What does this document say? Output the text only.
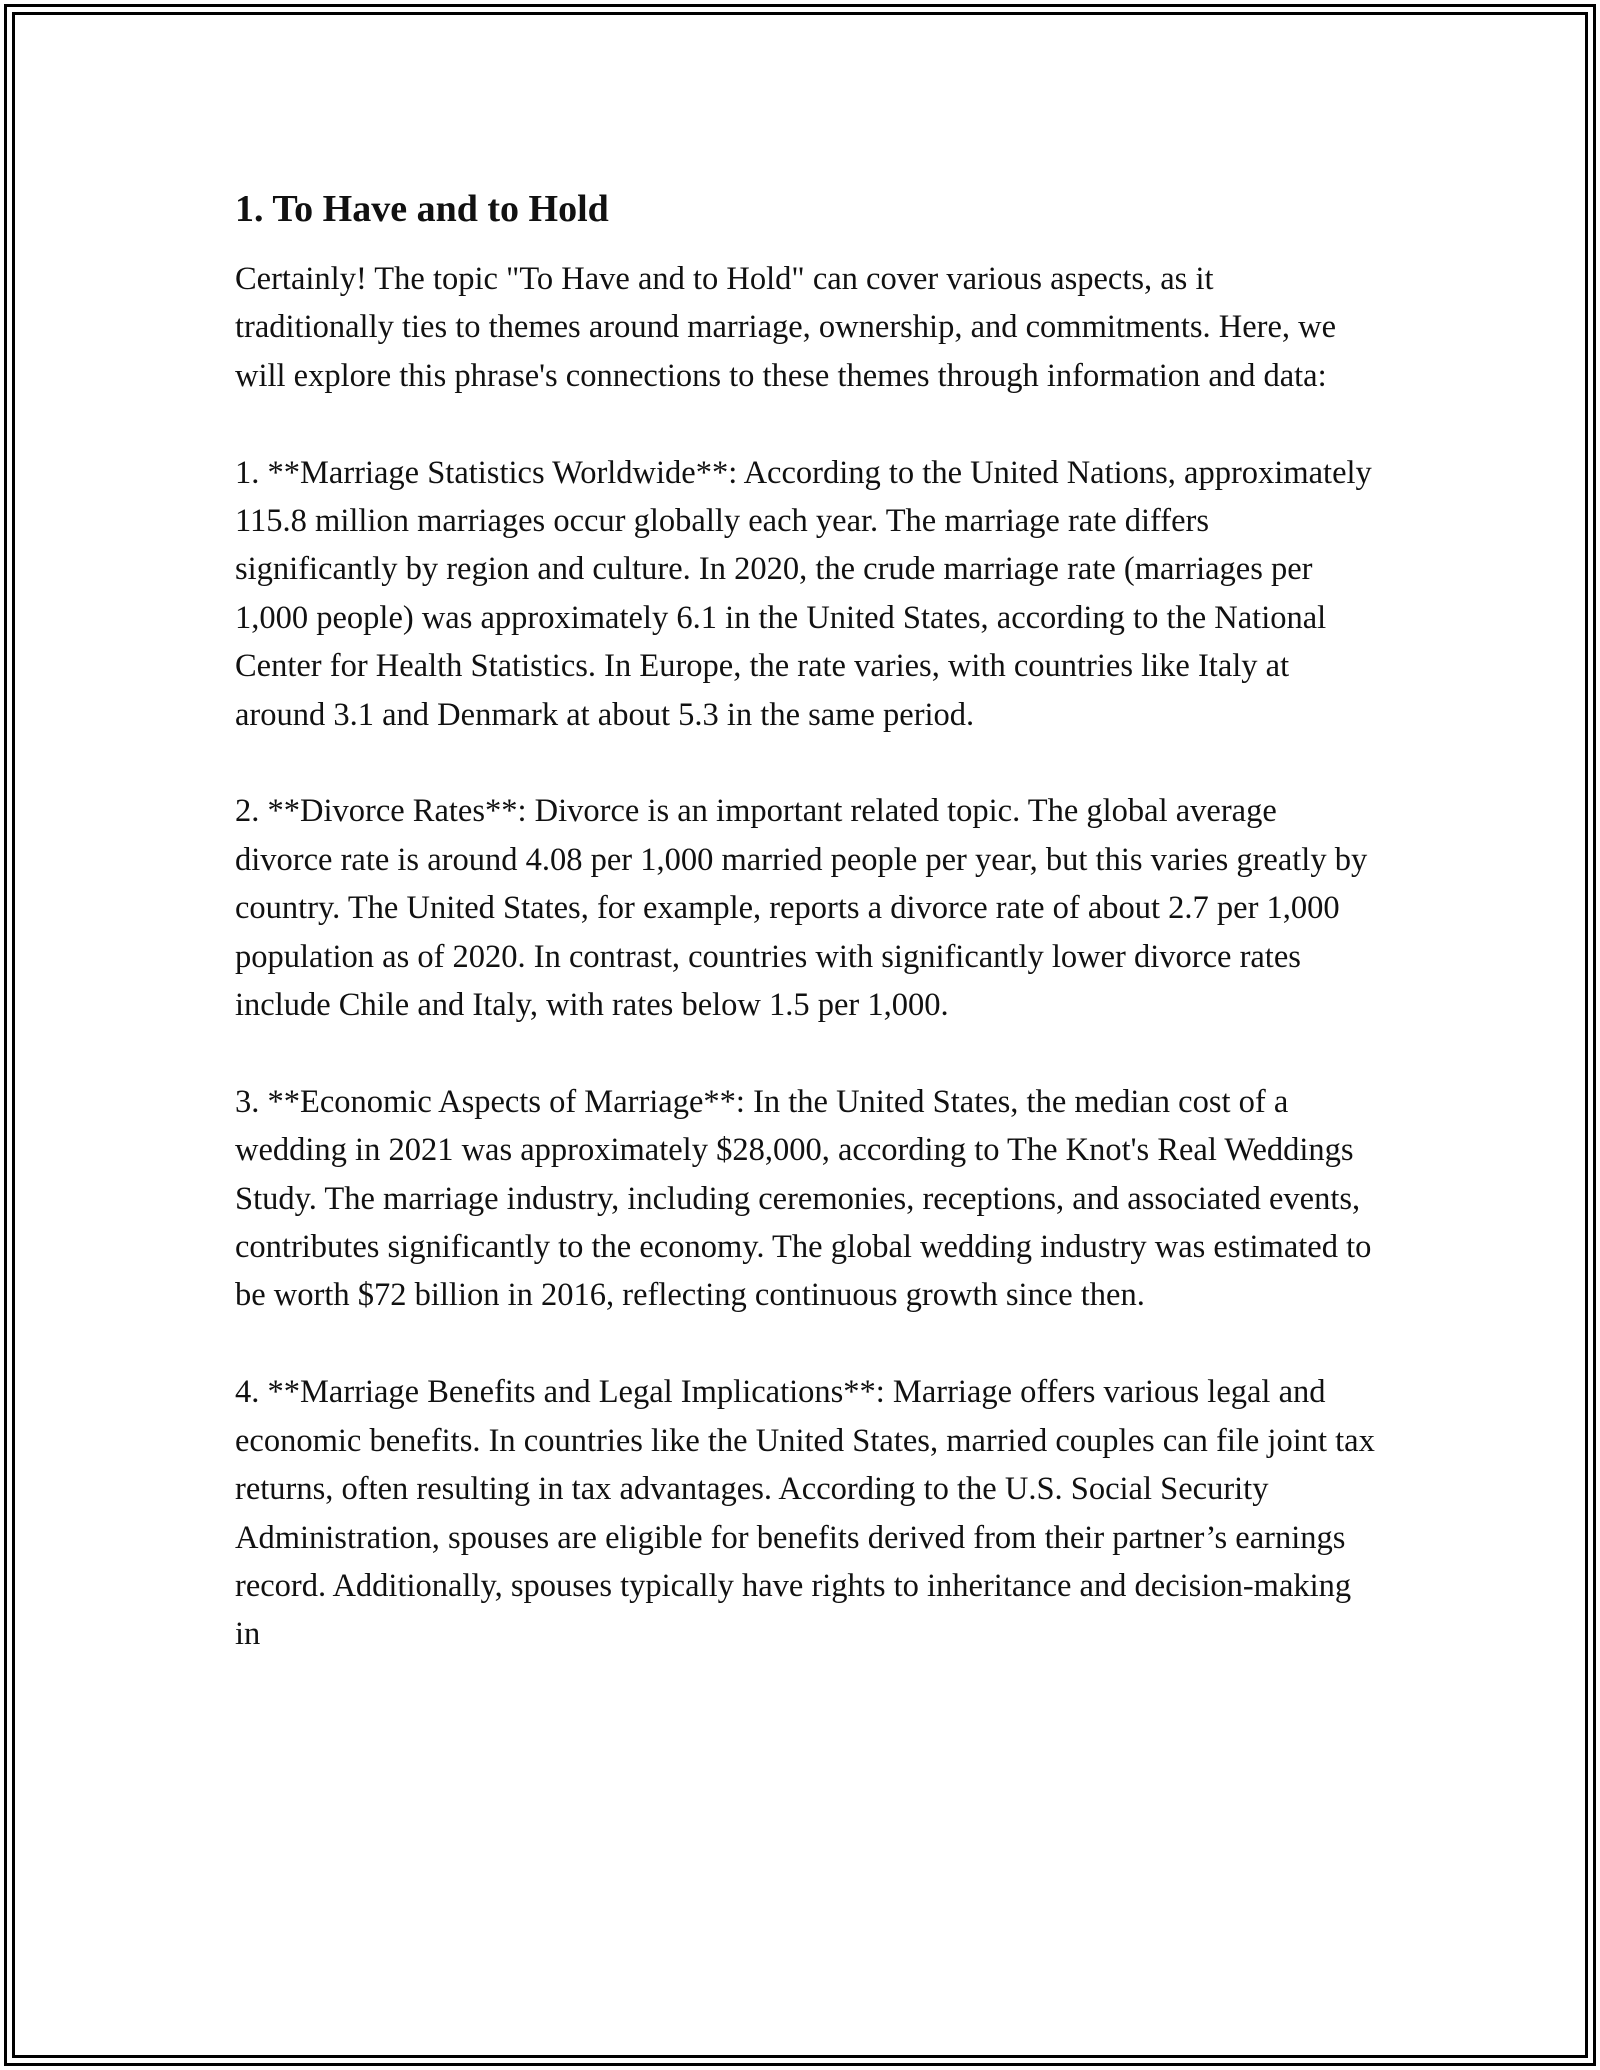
1. To Have and to Hold

Certainly! The topic "To Have and to Hold" can cover various aspects, as it traditionally ties to themes around marriage, ownership, and commitments. Here, we will explore this phrase's connections to these themes through information and data:

1. **Marriage Statistics Worldwide**: According to the United Nations, approximately 115.8 million marriages occur globally each year. The marriage rate differs significantly by region and culture. In 2020, the crude marriage rate (marriages per 1,000 people) was approximately 6.1 in the United States, according to the National Center for Health Statistics. In Europe, the rate varies, with countries like Italy at around 3.1 and Denmark at about 5.3 in the same period.

2. **Divorce Rates**: Divorce is an important related topic. The global average divorce rate is around 4.08 per 1,000 married people per year, but this varies greatly by country. The United States, for example, reports a divorce rate of about 2.7 per 1,000 population as of 2020. In contrast, countries with significantly lower divorce rates include Chile and Italy, with rates below 1.5 per 1,000.

3. **Economic Aspects of Marriage**: In the United States, the median cost of a wedding in 2021 was approximately $28,000, according to The Knot's Real Weddings Study. The marriage industry, including ceremonies, receptions, and associated events, contributes significantly to the economy. The global wedding industry was estimated to be worth $72 billion in 2016, reflecting continuous growth since then.

4. **Marriage Benefits and Legal Implications**: Marriage offers various legal and economic benefits. In countries like the United States, married couples can file joint tax returns, often resulting in tax advantages. According to the U.S. Social Security Administration, spouses are eligible for benefits derived from their partner’s earnings record. Additionally, spouses typically have rights to inheritance and decision-making in
